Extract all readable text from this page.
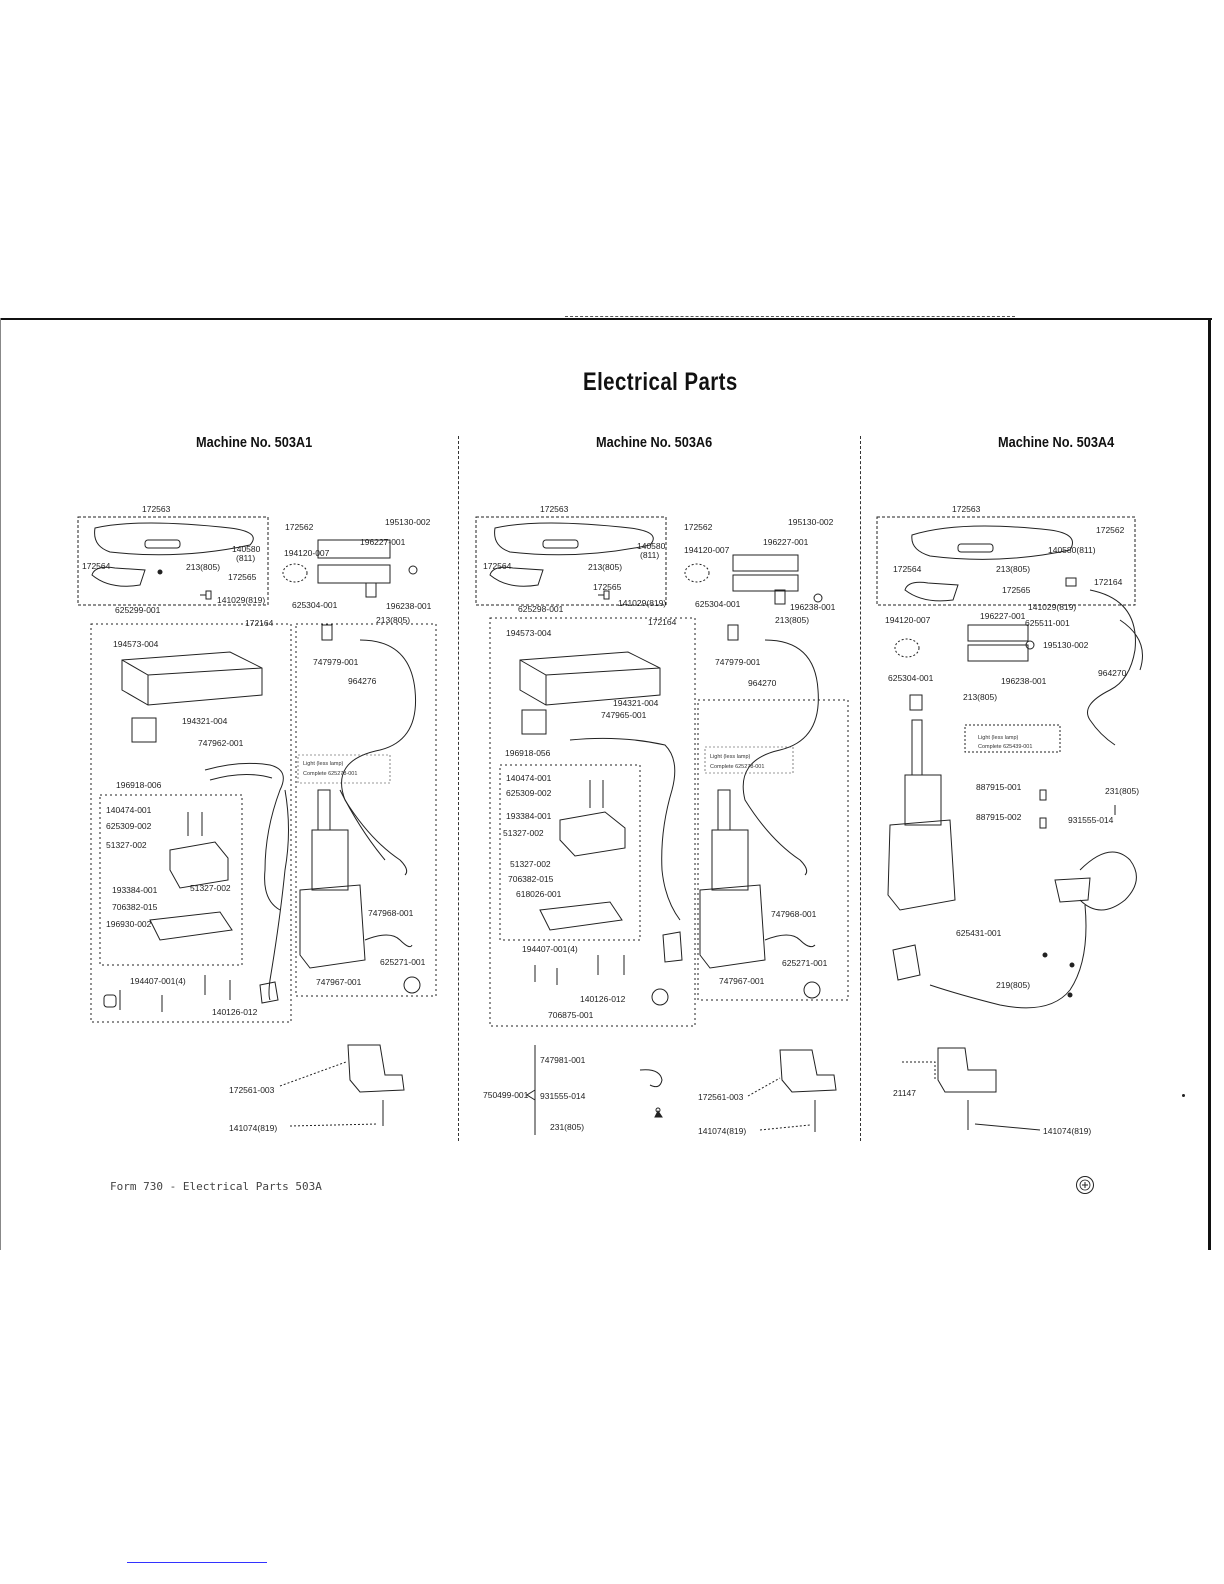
Electrical Parts
Machine No. 503A1	Machine No. 503A6	Machine No. 503A4
172563
172562	195130-002
196227-001
194120-007
140580
(811)
172564	213(805)
172565
141029(819)
625299-001
172164
625304-001	196238-001
213(805)
194573-004
747979-001
964276
194321-004
747962-001
196918-006
140474-001
625309-002
51327-002
193384-001	51327-002
706382-015
196930-002
747968-001
625271-001
747967-001
194407-001(4)
140126-012
172561-003
141074(819)
Light (less lamp)
Complete 625278-001
172563
172562	195130-002
196227-001
194120-007
140580
(811)
172564	213(805)
172565
141029(819)
625298-001
172164
625304-001	196238-001
213(805)
194573-004
747979-001
964270
194321-004
747965-001
196918-056
140474-001
625309-002
193384-001
51327-002
51327-002
706382-015
618026-001
747968-001
625271-001
747967-001
194407-001(4)
140126-012
706875-001
747981-001
750499-001 931555-014
231(805)
172561-003
141074(819)
Light (less lamp)
Complete 625278-001
172563
172562
140580(811)
172564	213(805)
172565
172164
141029(819)
194120-007	196227-001
625511-001
195130-002
964270
625304-001	196238-001
213(805)
887915-001	231(805)
887915-002	931555-014
625431-001
219(805)
21147
141074(819)
Light (less lamp)
Complete 625439-001
Form 730 - Electrical Parts 503A
